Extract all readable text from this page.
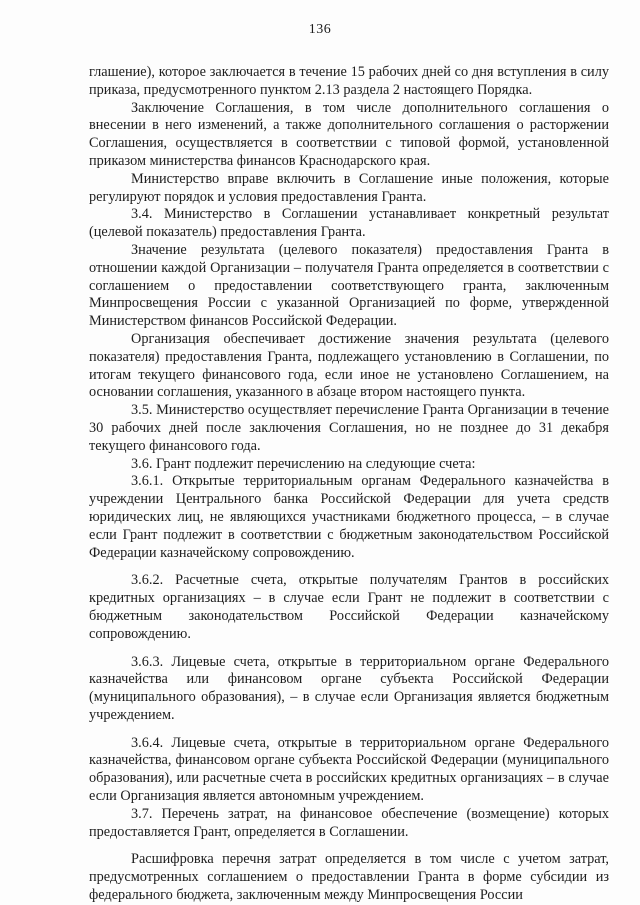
136

глашение), которое заключается в течение 15 рабочих дней со дня вступления в силу приказа, предусмотренного пунктом 2.13 раздела 2 настоящего Порядка.

Заключение Соглашения, в том числе дополнительного соглашения о внесении в него изменений, а также дополнительного соглашения о расторжении Соглашения, осуществляется в соответствии с типовой формой, установленной приказом министерства финансов Краснодарского края.

Министерство вправе включить в Соглашение иные положения, которые регулируют порядок и условия предоставления Гранта.

3.4. Министерство в Соглашении устанавливает конкретный результат (целевой показатель) предоставления Гранта.

Значение результата (целевого показателя) предоставления Гранта в отношении каждой Организации – получателя Гранта определяется в соответствии с соглашением о предоставлении соответствующего гранта, заключенным Минпросвещения России с указанной Организацией по форме, утвержденной Министерством финансов Российской Федерации.

Организация обеспечивает достижение значения результата (целевого показателя) предоставления Гранта, подлежащего установлению в Соглашении, по итогам текущего финансового года, если иное не установлено Соглашением, на основании соглашения, указанного в абзаце втором настоящего пункта.

3.5. Министерство осуществляет перечисление Гранта Организации в течение 30 рабочих дней после заключения Соглашения, но не позднее до 31 декабря текущего финансового года.

3.6. Грант подлежит перечислению на следующие счета:

3.6.1. Открытые территориальным органам Федерального казначейства в учреждении Центрального банка Российской Федерации для учета средств юридических лиц, не являющихся участниками бюджетного процесса, – в случае если Грант подлежит в соответствии с бюджетным законодательством Российской Федерации казначейскому сопровождению.

3.6.2. Расчетные счета, открытые получателям Грантов в российских кредитных организациях – в случае если Грант не подлежит в соответствии с бюджетным законодательством Российской Федерации казначейскому сопровождению.

3.6.3. Лицевые счета, открытые в территориальном органе Федерального казначейства или финансовом органе субъекта Российской Федерации (муниципального образования), – в случае если Организация является бюджетным учреждением.

3.6.4. Лицевые счета, открытые в территориальном органе Федерального казначейства, финансовом органе субъекта Российской Федерации (муниципального образования), или расчетные счета в российских кредитных организациях – в случае если Организация является автономным учреждением.

3.7. Перечень затрат, на финансовое обеспечение (возмещение) которых предоставляется Грант, определяется в Соглашении.

Расшифровка перечня затрат определяется в том числе с учетом затрат, предусмотренных соглашением о предоставлении Гранта в форме субсидии из федерального бюджета, заключенным между Минпросвещения России
